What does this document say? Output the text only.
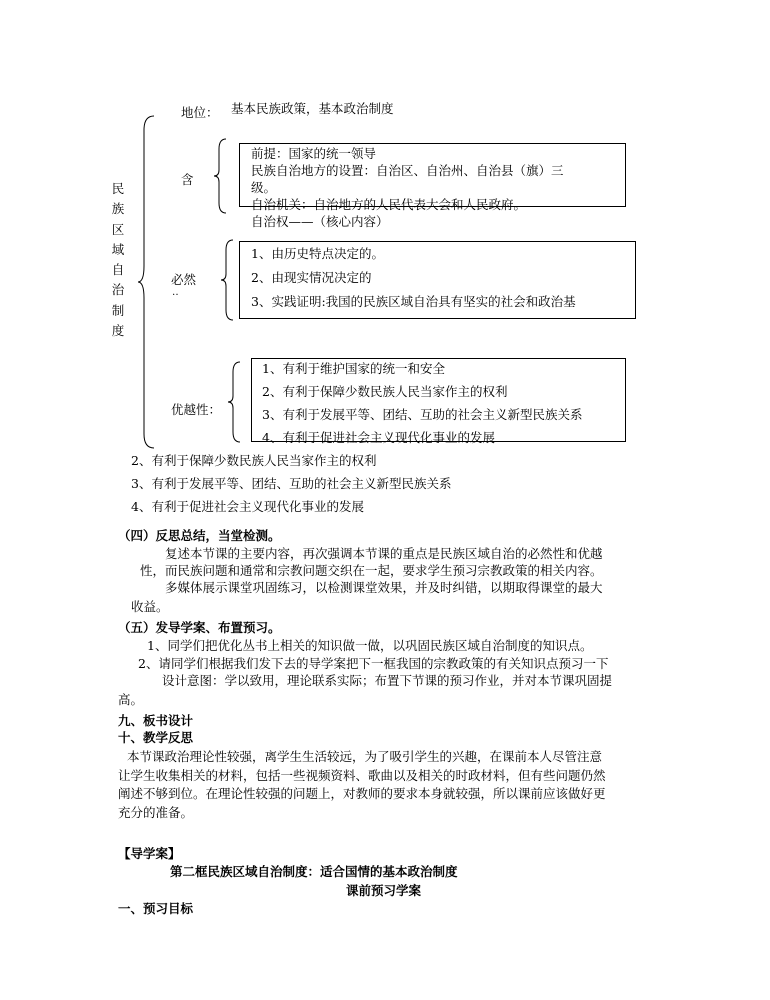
民
族
区
域
自
治
制
度
地位： 基本民族政策，基本政治制度
含
前提：国家的统一领导
民族自治地方的设置：自治区、自治州、自治县（旗）三
级。
自治机关：自治地方的人民代表大会和人民政府。
自治权——（核心内容）
必然
‥
1、由历史特点决定的。
2、由现实情况决定的
3、实践证明:我国的民族区域自治具有坚实的社会和政治基
优越性：
1、有利于维护国家的统一和安全
2、有利于保障少数民族人民当家作主的权利
3、有利于发展平等、团结、互助的社会主义新型民族关系
4、有利于促进社会主义现代化事业的发展
2、有利于保障少数民族人民当家作主的权利
3、有利于发展平等、团结、互助的社会主义新型民族关系
4、有利于促进社会主义现代化事业的发展
（四）反思总结，当堂检测。
复述本节课的主要内容，再次强调本节课的重点是民族区域自治的必然性和优越
性，而民族问题和通常和宗教问题交织在一起，要求学生预习宗教政策的相关内容。
多媒体展示课堂巩固练习，以检测课堂效果，并及时纠错，以期取得课堂的最大
收益。
（五）发导学案、布置预习。
1、同学们把优化丛书上相关的知识做一做，以巩固民族区域自治制度的知识点。
2、请同学们根据我们发下去的导学案把下一框我国的宗教政策的有关知识点预习一下
设计意图：学以致用，理论联系实际；布置下节课的预习作业，并对本节课巩固提
高。
九、板书设计
十、教学反思
本节课政治理论性较强，离学生生活较远，为了吸引学生的兴趣，在课前本人尽管注意
让学生收集相关的材料，包括一些视频资料、歌曲以及相关的时政材料，但有些问题仍然
阐述不够到位。在理论性较强的问题上，对教师的要求本身就较强，所以课前应该做好更
充分的准备。
【导学案】
第二框民族区域自治制度：适合国情的基本政治制度
课前预习学案
一、预习目标
